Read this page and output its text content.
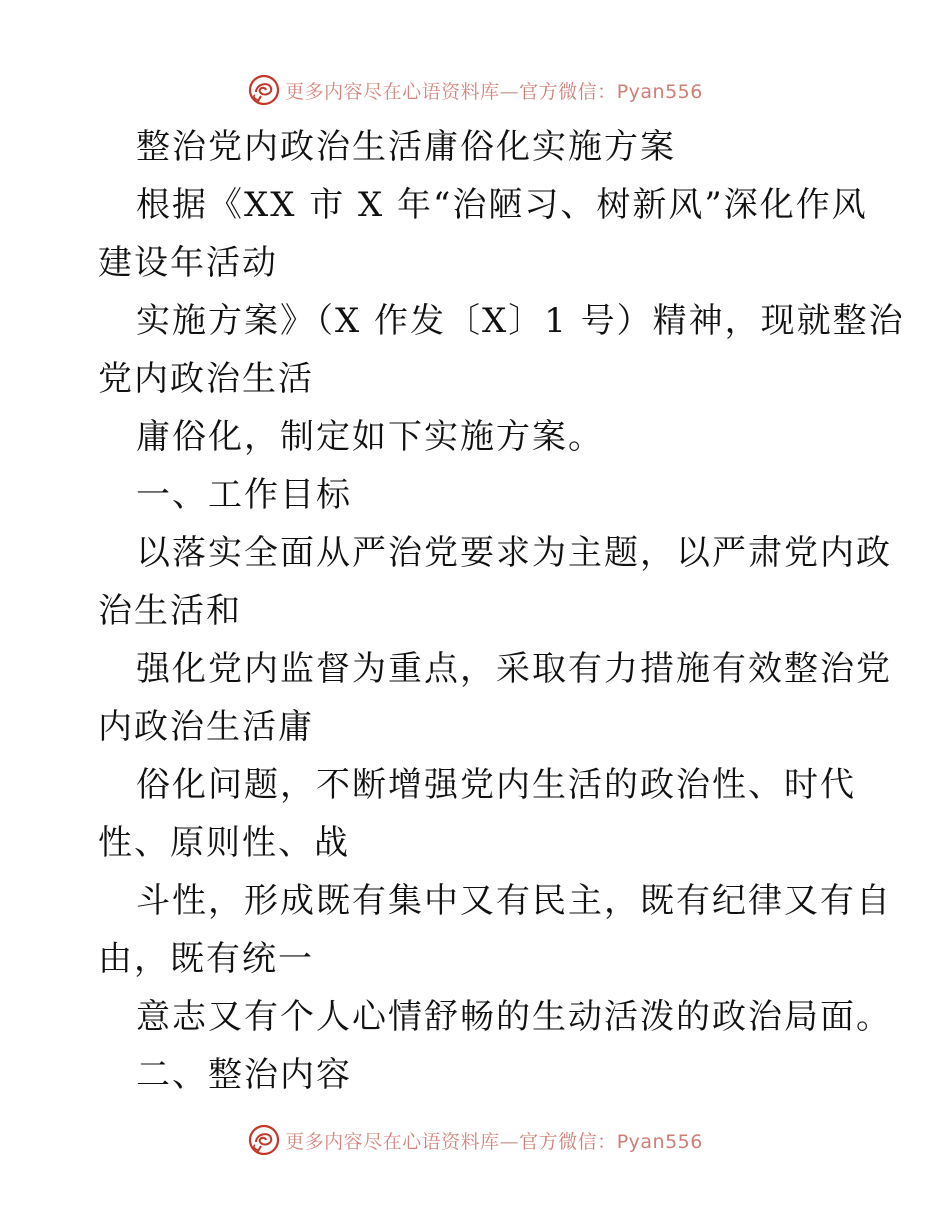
更多内容尽在心语资料库—官方微信：Pyan556
整治党内政治生活庸俗化实施方案
根据《XX 市 X 年“治陋习、树新风”深化作风
建设年活动
实施方案》（X 作发〔X〕1 号）精神，现就整治
党内政治生活
庸俗化，制定如下实施方案。
一、工作目标
以落实全面从严治党要求为主题，以严肃党内政
治生活和
强化党内监督为重点，采取有力措施有效整治党
内政治生活庸
俗化问题，不断增强党内生活的政治性、时代
性、原则性、战
斗性，形成既有集中又有民主，既有纪律又有自
由，既有统一
意志又有个人心情舒畅的生动活泼的政治局面。
二、整治内容
更多内容尽在心语资料库—官方微信：Pyan556
